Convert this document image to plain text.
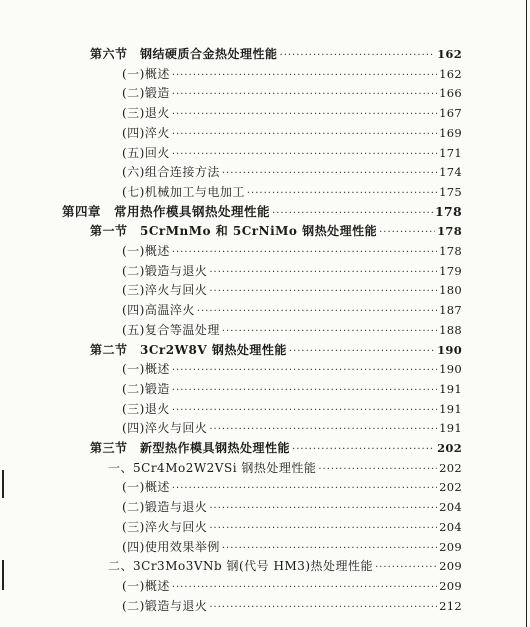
第六节　钢结硬质合金热处理性能 ·····	162
(一)概述 ·····	162
(二)锻造 ·····	166
(三)退火 ·····	167
(四)淬火 ·····	169
(五)回火 ·····	171
(六)组合连接方法 ·····	174
(七)机械加工与电加工 ·····	175
第四章　常用热作模具钢热处理性能 ·····	178
第一节　5CrMnMo 和 5CrNiMo 钢热处理性能 ·····	178
(一)概述 ·····	178
(二)锻造与退火 ·····	179
(三)淬火与回火 ·····	180
(四)高温淬火 ·····	187
(五)复合等温处理 ·····	188
第二节　3Cr2W8V 钢热处理性能 ·····	190
(一)概述 ·····	190
(二)锻造 ·····	191
(三)退火 ·····	191
(四)淬火与回火 ·····	191
第三节　新型热作模具钢热处理性能 ·····	202
一、5Cr4Mo2W2VSi 钢热处理性能 ·····	202
(一)概述 ·····	202
(二)锻造与退火 ·····	204
(三)淬火与回火 ·····	204
(四)使用效果举例 ·····	209
二、3Cr3Mo3VNb 钢(代号 HM3)热处理性能 ·····	209
(一)概述 ·····	209
(二)锻造与退火 ·····	212
